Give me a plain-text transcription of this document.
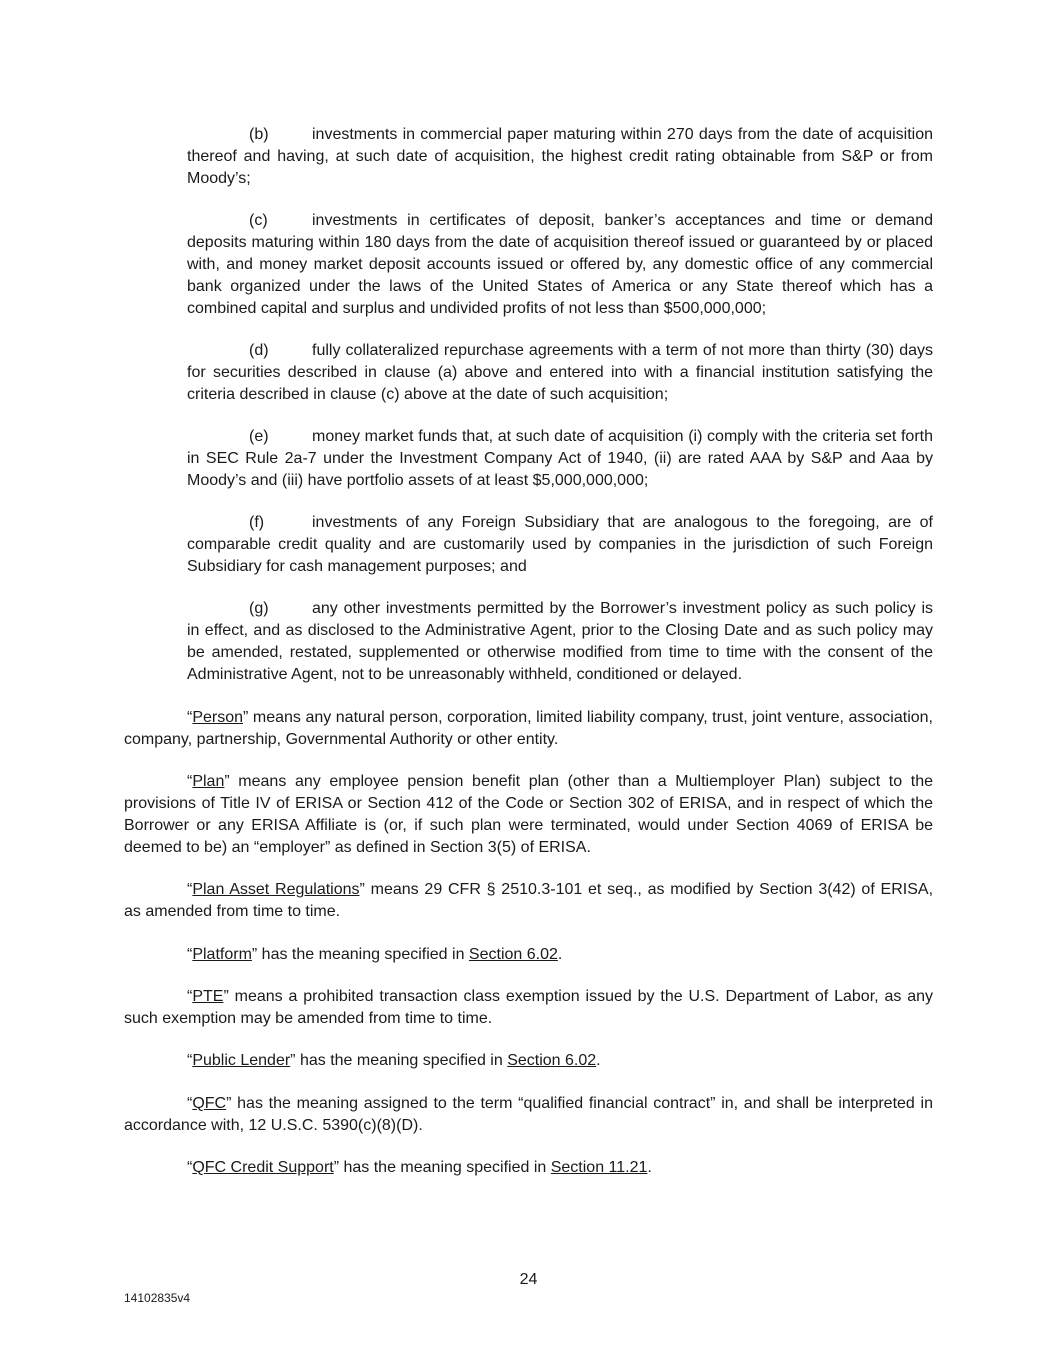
(b)	investments in commercial paper maturing within 270 days from the date of acquisition thereof and having, at such date of acquisition, the highest credit rating obtainable from S&P or from Moody’s;

(c)	investments in certificates of deposit, banker’s acceptances and time or demand deposits maturing within 180 days from the date of acquisition thereof issued or guaranteed by or placed with, and money market deposit accounts issued or offered by, any domestic office of any commercial bank organized under the laws of the United States of America or any State thereof which has a combined capital and surplus and undivided profits of not less than $500,000,000;

(d)	fully collateralized repurchase agreements with a term of not more than thirty (30) days for securities described in clause (a) above and entered into with a financial institution satisfying the criteria described in clause (c) above at the date of such acquisition;

(e)	money market funds that, at such date of acquisition (i) comply with the criteria set forth in SEC Rule 2a-7 under the Investment Company Act of 1940, (ii) are rated AAA by S&P and Aaa by Moody’s and (iii) have portfolio assets of at least $5,000,000,000;

(f)	investments of any Foreign Subsidiary that are analogous to the foregoing, are of comparable credit quality and are customarily used by companies in the jurisdiction of such Foreign Subsidiary for cash management purposes; and

(g)	any other investments permitted by the Borrower’s investment policy as such policy is in effect, and as disclosed to the Administrative Agent, prior to the Closing Date and as such policy may be amended, restated, supplemented or otherwise modified from time to time with the consent of the Administrative Agent, not to be unreasonably withheld, conditioned or delayed.

“Person” means any natural person, corporation, limited liability company, trust, joint venture, association, company, partnership, Governmental Authority or other entity.

“Plan” means any employee pension benefit plan (other than a Multiemployer Plan) subject to the provisions of Title IV of ERISA or Section 412 of the Code or Section 302 of ERISA, and in respect of which the Borrower or any ERISA Affiliate is (or, if such plan were terminated, would under Section 4069 of ERISA be deemed to be) an “employer” as defined in Section 3(5) of ERISA.

“Plan Asset Regulations” means 29 CFR § 2510.3-101 et seq., as modified by Section 3(42) of ERISA, as amended from time to time.

“Platform” has the meaning specified in Section 6.02.

“PTE” means a prohibited transaction class exemption issued by the U.S. Department of Labor, as any such exemption may be amended from time to time.

“Public Lender” has the meaning specified in Section 6.02.

“QFC” has the meaning assigned to the term “qualified financial contract” in, and shall be interpreted in accordance with, 12 U.S.C. 5390(c)(8)(D).

“QFC Credit Support” has the meaning specified in Section 11.21.

24
14102835v4
